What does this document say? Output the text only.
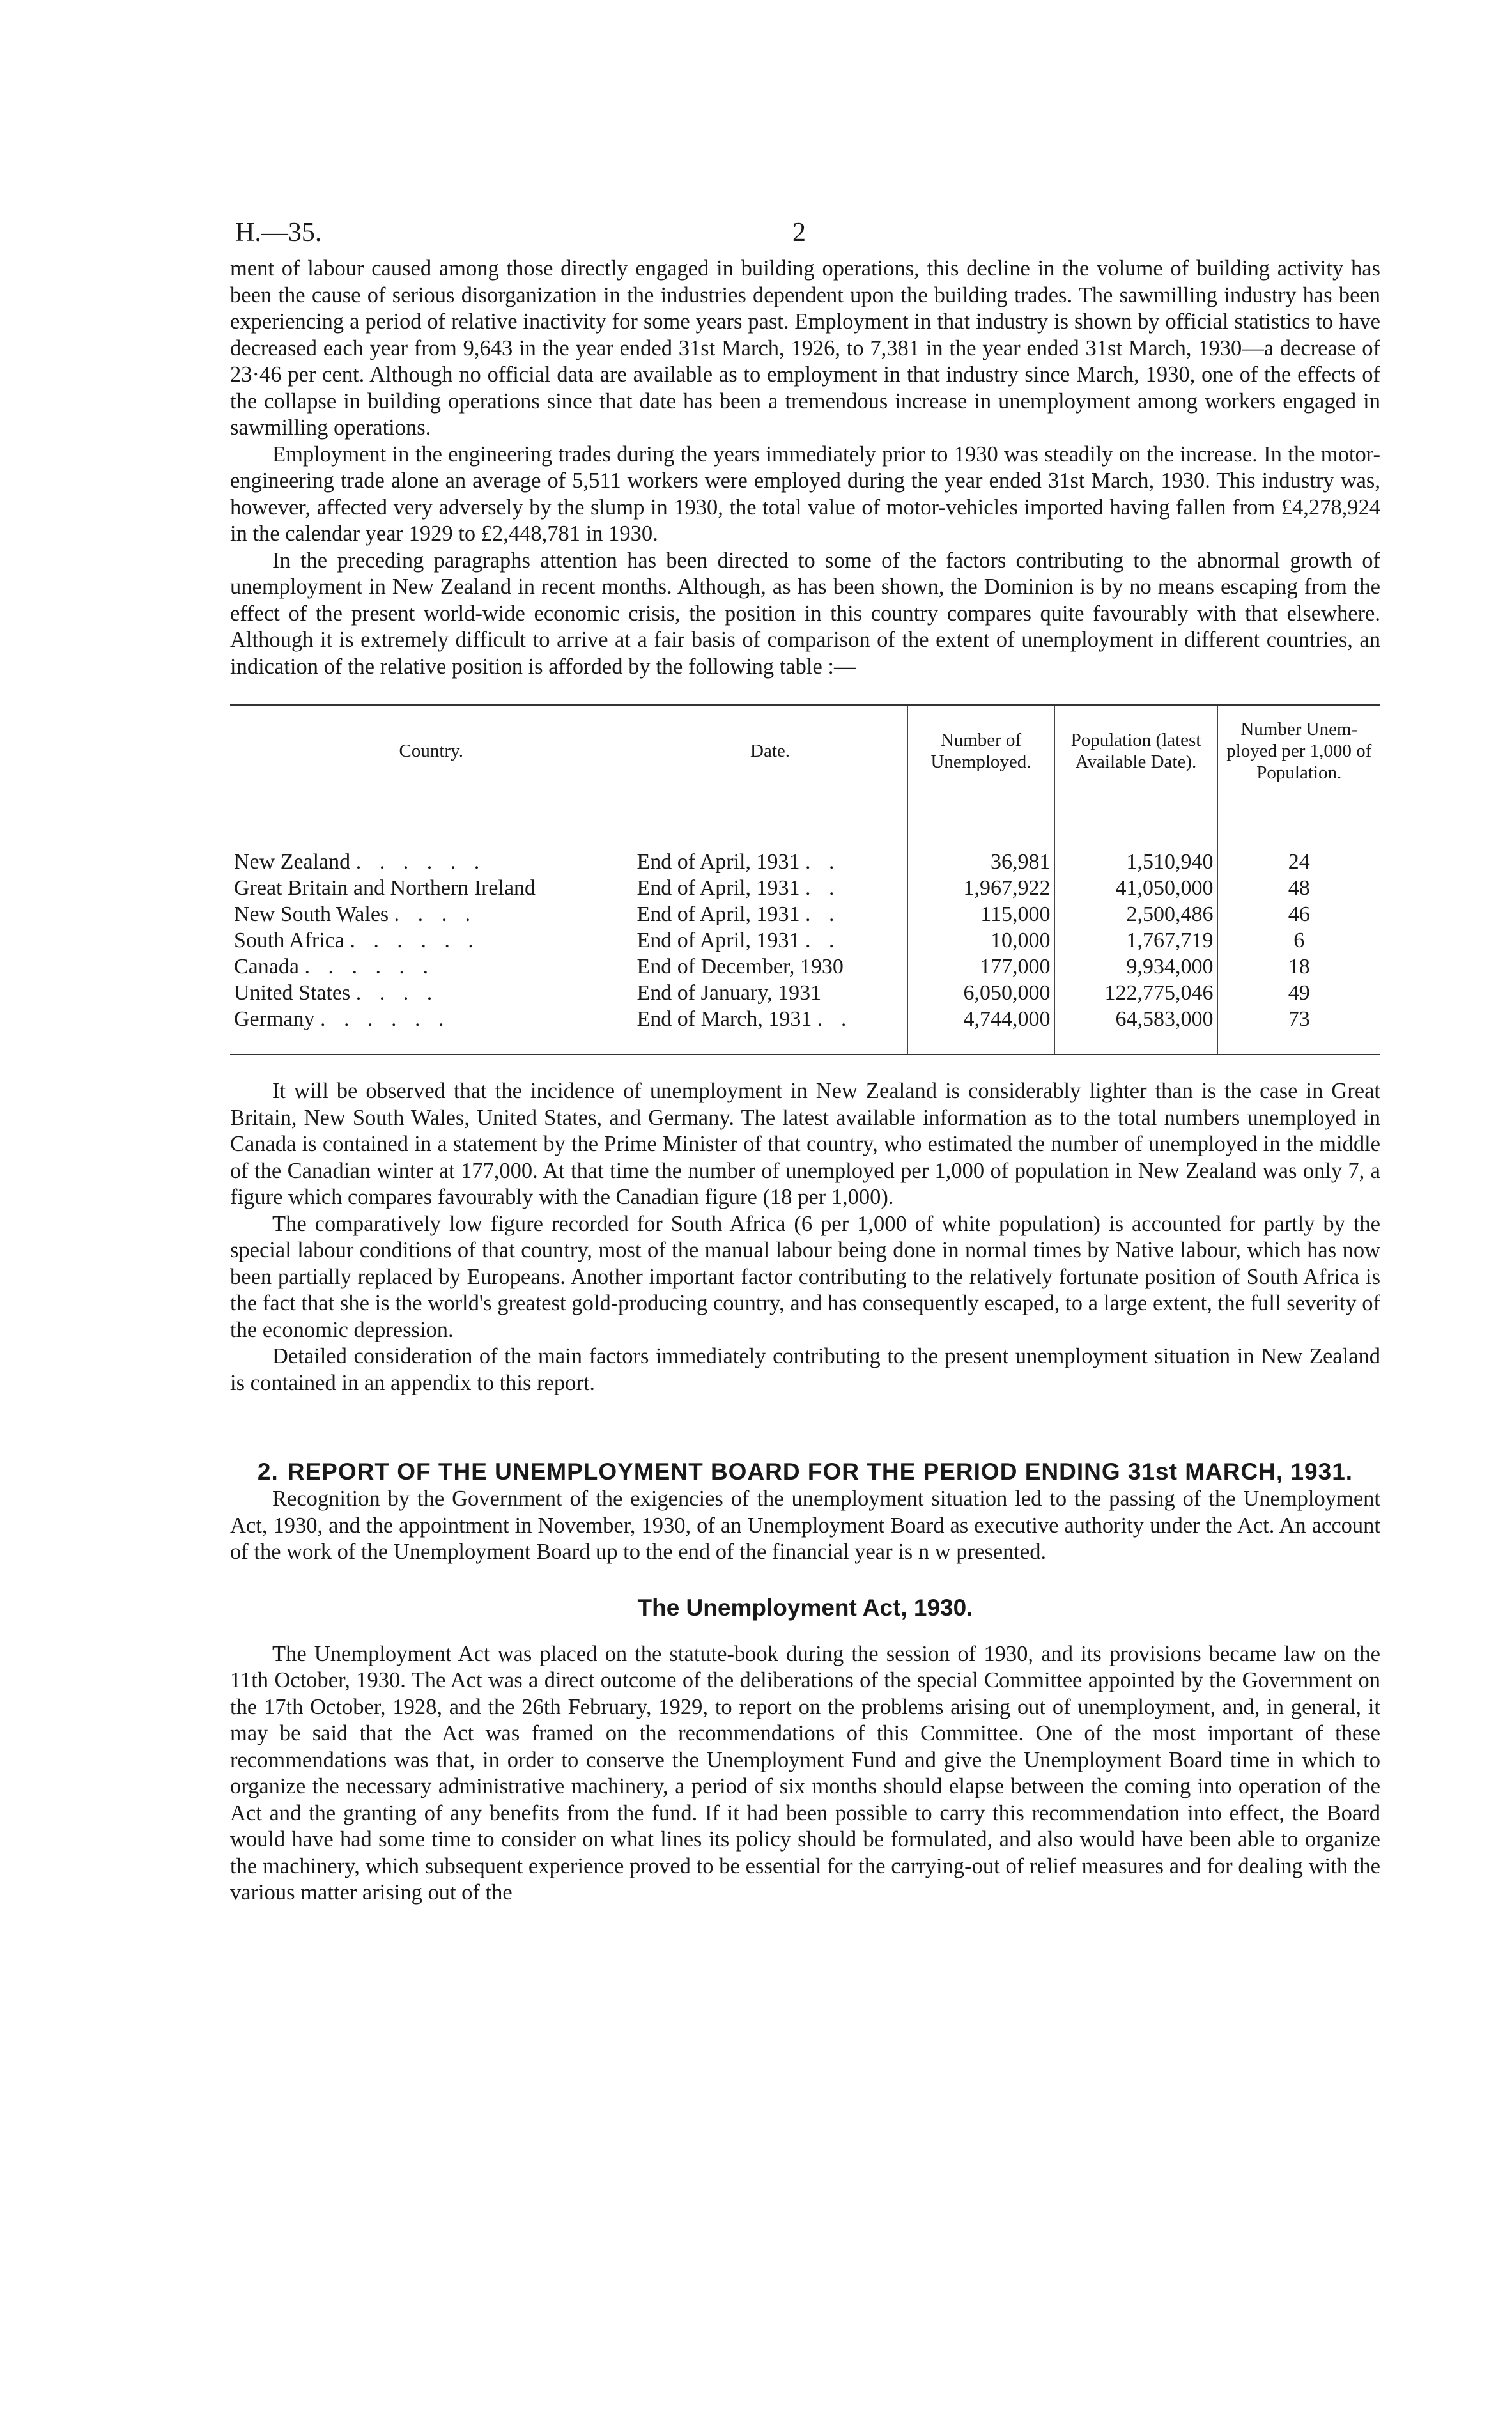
H.—35.	2

ment of labour caused among those directly engaged in building operations, this decline in the volume of building activity has been the cause of serious disorganization in the industries dependent upon the building trades. The sawmilling industry has been experiencing a period of relative inactivity for some years past. Employment in that industry is shown by official statistics to have decreased each year from 9,643 in the year ended 31st March, 1926, to 7,381 in the year ended 31st March, 1930—a decrease of 23·46 per cent. Although no official data are available as to employment in that industry since March, 1930, one of the effects of the collapse in building operations since that date has been a tremendous increase in unemployment among workers engaged in sawmilling operations.

Employment in the engineering trades during the years immediately prior to 1930 was steadily on the increase. In the motor-engineering trade alone an average of 5,511 workers were employed during the year ended 31st March, 1930. This industry was, however, affected very adversely by the slump in 1930, the total value of motor-vehicles imported having fallen from £4,278,924 in the calendar year 1929 to £2,448,781 in 1930.

In the preceding paragraphs attention has been directed to some of the factors contributing to the abnormal growth of unemployment in New Zealand in recent months. Although, as has been shown, the Dominion is by no means escaping from the effect of the present world-wide economic crisis, the position in this country compares quite favourably with that elsewhere. Although it is extremely difficult to arrive at a fair basis of comparison of the extent of unemployment in different countries, an indication of the relative position is afforded by the following table :—

Country.	Date.	Number of Unemployed.	Population (latest Available Date).	Number Unem-ployed per 1,000 of Population.
New Zealand . . . . . .	End of April, 1931 . .	36,981	1,510,940	24
Great Britain and Northern Ireland	End of April, 1931 . .	1,967,922	41,050,000	48
New South Wales . . . .	End of April, 1931 . .	115,000	2,500,486	46
South Africa . . . . . .	End of April, 1931 . .	10,000	1,767,719	6
Canada . . . . . .	End of December, 1930	177,000	9,934,000	18
United States . . . .	End of January, 1931	6,050,000	122,775,046	49
Germany . . . . . .	End of March, 1931 . .	4,744,000	64,583,000	73

It will be observed that the incidence of unemployment in New Zealand is considerably lighter than is the case in Great Britain, New South Wales, United States, and Germany. The latest available information as to the total numbers unemployed in Canada is contained in a statement by the Prime Minister of that country, who estimated the number of unemployed in the middle of the Canadian winter at 177,000. At that time the number of unemployed per 1,000 of population in New Zealand was only 7, a figure which compares favourably with the Canadian figure (18 per 1,000).

The comparatively low figure recorded for South Africa (6 per 1,000 of white population) is accounted for partly by the special labour conditions of that country, most of the manual labour being done in normal times by Native labour, which has now been partially replaced by Europeans. Another important factor contributing to the relatively fortunate position of South Africa is the fact that she is the world's greatest gold-producing country, and has consequently escaped, to a large extent, the full severity of the economic depression.

Detailed consideration of the main factors immediately contributing to the present unemployment situation in New Zealand is contained in an appendix to this report.

2. REPORT OF THE UNEMPLOYMENT BOARD FOR THE PERIOD ENDING 31st MARCH, 1931.

Recognition by the Government of the exigencies of the unemployment situation led to the passing of the Unemployment Act, 1930, and the appointment in November, 1930, of an Unemployment Board as executive authority under the Act. An account of the work of the Unemployment Board up to the end of the financial year is n w presented.

The Unemployment Act, 1930.

The Unemployment Act was placed on the statute-book during the session of 1930, and its provisions became law on the 11th October, 1930. The Act was a direct outcome of the deliberations of the special Committee appointed by the Government on the 17th October, 1928, and the 26th February, 1929, to report on the problems arising out of unemployment, and, in general, it may be said that the Act was framed on the recommendations of this Committee. One of the most important of these recommendations was that, in order to conserve the Unemployment Fund and give the Unemployment Board time in which to organize the necessary administrative machinery, a period of six months should elapse between the coming into operation of the Act and the granting of any benefits from the fund. If it had been possible to carry this recommendation into effect, the Board would have had some time to consider on what lines its policy should be formulated, and also would have been able to organize the machinery, which subsequent experience proved to be essential for the carrying-out of relief measures and for dealing with the various matter arising out of the
